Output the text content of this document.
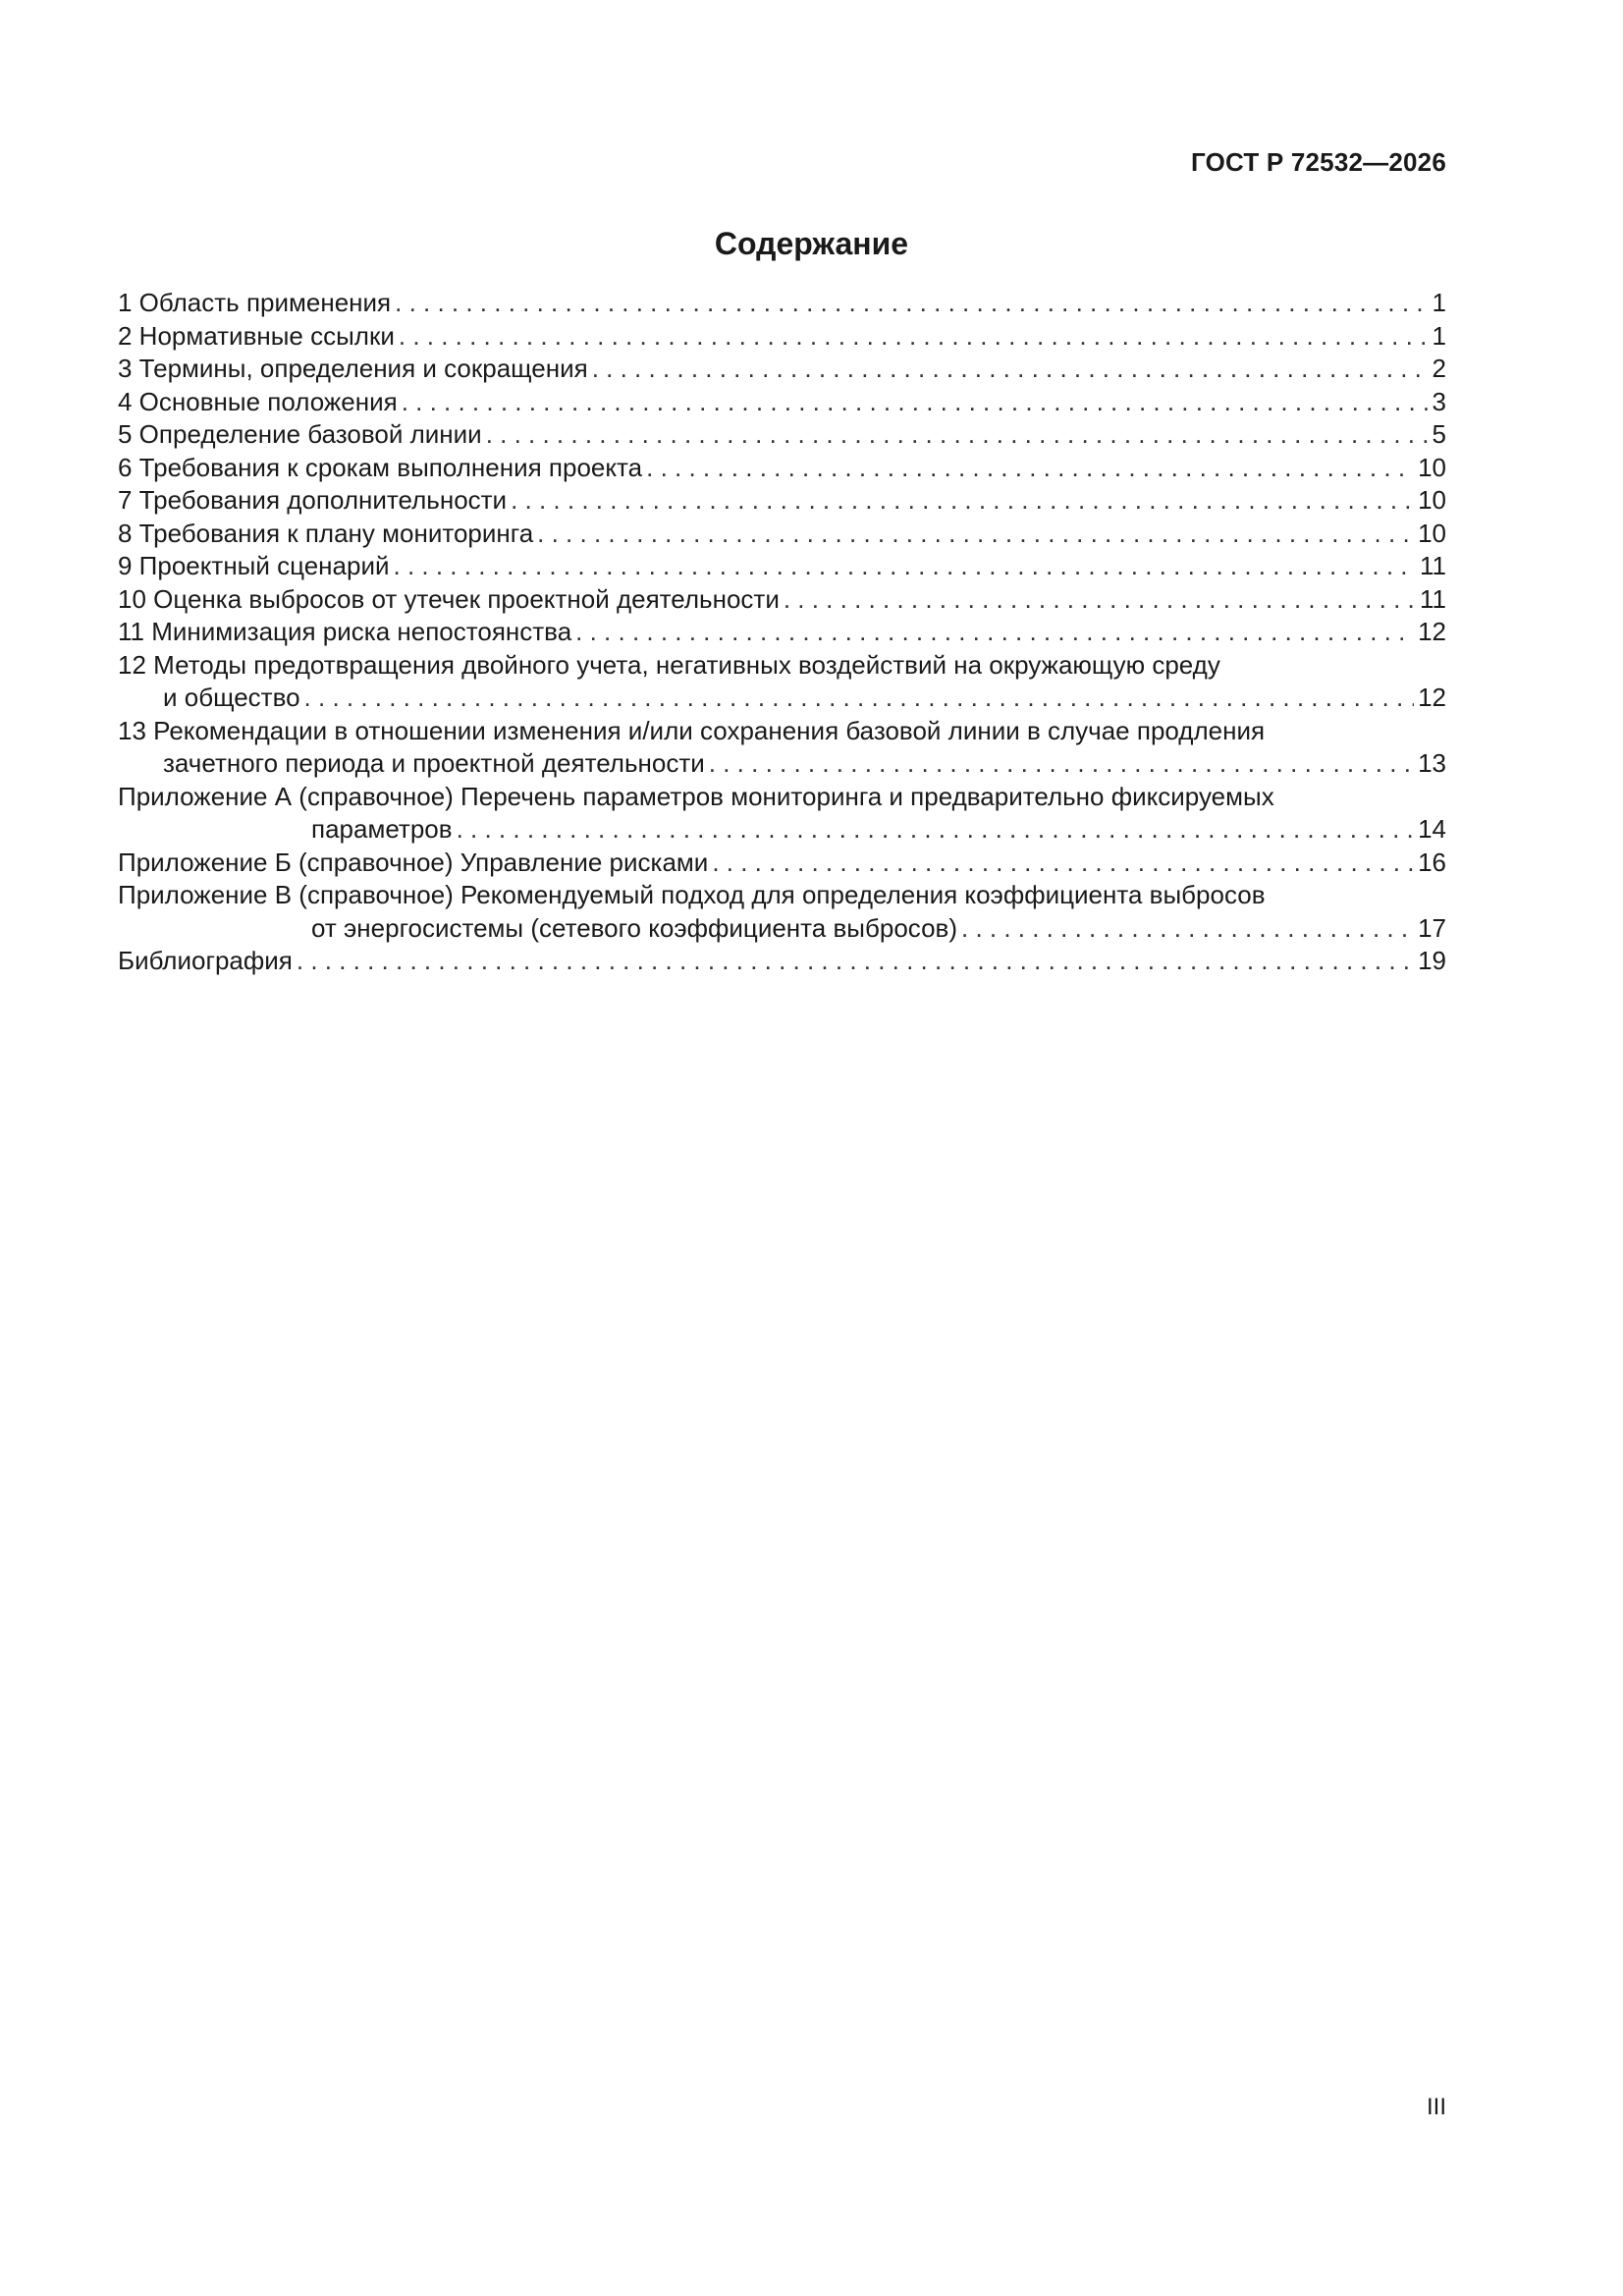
ГОСТ Р 72532—2026
Содержание
1 Область применения . . .	1
2 Нормативные ссылки . . .	1
3 Термины, определения и сокращения . . .	2
4 Основные положения . . .	3
5 Определение базовой линии . . .	5
6 Требования к срокам выполнения проекта . . .	10
7 Требования дополнительности . . .	10
8 Требования к плану мониторинга . . .	10
9 Проектный сценарий . . .	11
10 Оценка выбросов от утечек проектной деятельности . . .	11
11 Минимизация риска непостоянства . . .	12
12 Методы предотвращения двойного учета, негативных воздействий на окружающую среду
и общество . . .	12
13 Рекомендации в отношении изменения и/или сохранения базовой линии в случае продления
зачетного периода и проектной деятельности . . .	13
Приложение А (справочное) Перечень параметров мониторинга и предварительно фиксируемых
параметров . . .	14
Приложение Б (справочное) Управление рисками . . .	16
Приложение В (справочное) Рекомендуемый подход для определения коэффициента выбросов
от энергосистемы (сетевого коэффициента выбросов) . . .	17
Библиография . . .	19
III
